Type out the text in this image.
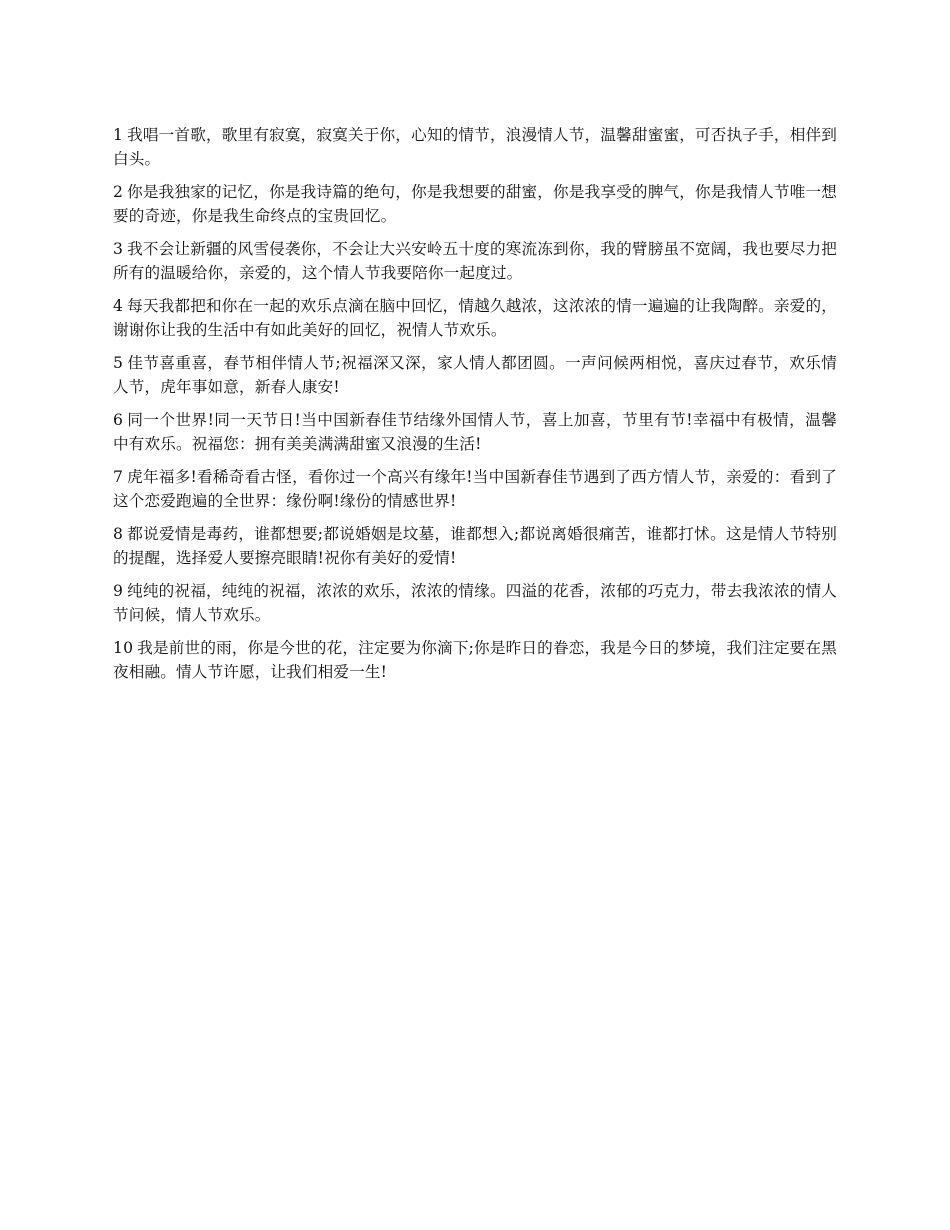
1 我唱一首歌，歌里有寂寞，寂寞关于你，心知的情节，浪漫情人节，温馨甜蜜蜜，可否执子手，相伴到白头。

2 你是我独家的记忆，你是我诗篇的绝句，你是我想要的甜蜜，你是我享受的脾气，你是我情人节唯一想要的奇迹，你是我生命终点的宝贵回忆。

3 我不会让新疆的风雪侵袭你，不会让大兴安岭五十度的寒流冻到你，我的臂膀虽不宽阔，我也要尽力把所有的温暖给你，亲爱的，这个情人节我要陪你一起度过。

4 每天我都把和你在一起的欢乐点滴在脑中回忆，情越久越浓，这浓浓的情一遍遍的让我陶醉。亲爱的，谢谢你让我的生活中有如此美好的回忆，祝情人节欢乐。

5 佳节喜重喜，春节相伴情人节;祝福深又深，家人情人都团圆。一声问候两相悦，喜庆过春节，欢乐情人节，虎年事如意，新春人康安!

6 同一个世界!同一天节日!当中国新春佳节结缘外国情人节，喜上加喜，节里有节!幸福中有极情，温馨中有欢乐。祝福您：拥有美美满满甜蜜又浪漫的生活!

7 虎年福多!看稀奇看古怪，看你过一个高兴有缘年!当中国新春佳节遇到了西方情人节，亲爱的：看到了这个恋爱跑遍的全世界：缘份啊!缘份的情感世界!

8 都说爱情是毒药，谁都想要;都说婚姻是坟墓，谁都想入;都说离婚很痛苦，谁都打怵。这是情人节特别的提醒，选择爱人要擦亮眼睛!祝你有美好的爱情!

9 纯纯的祝福，纯纯的祝福，浓浓的欢乐，浓浓的情缘。四溢的花香，浓郁的巧克力，带去我浓浓的情人节问候，情人节欢乐。

10 我是前世的雨，你是今世的花，注定要为你滴下;你是昨日的眷恋，我是今日的梦境，我们注定要在黑夜相融。情人节许愿，让我们相爱一生!
